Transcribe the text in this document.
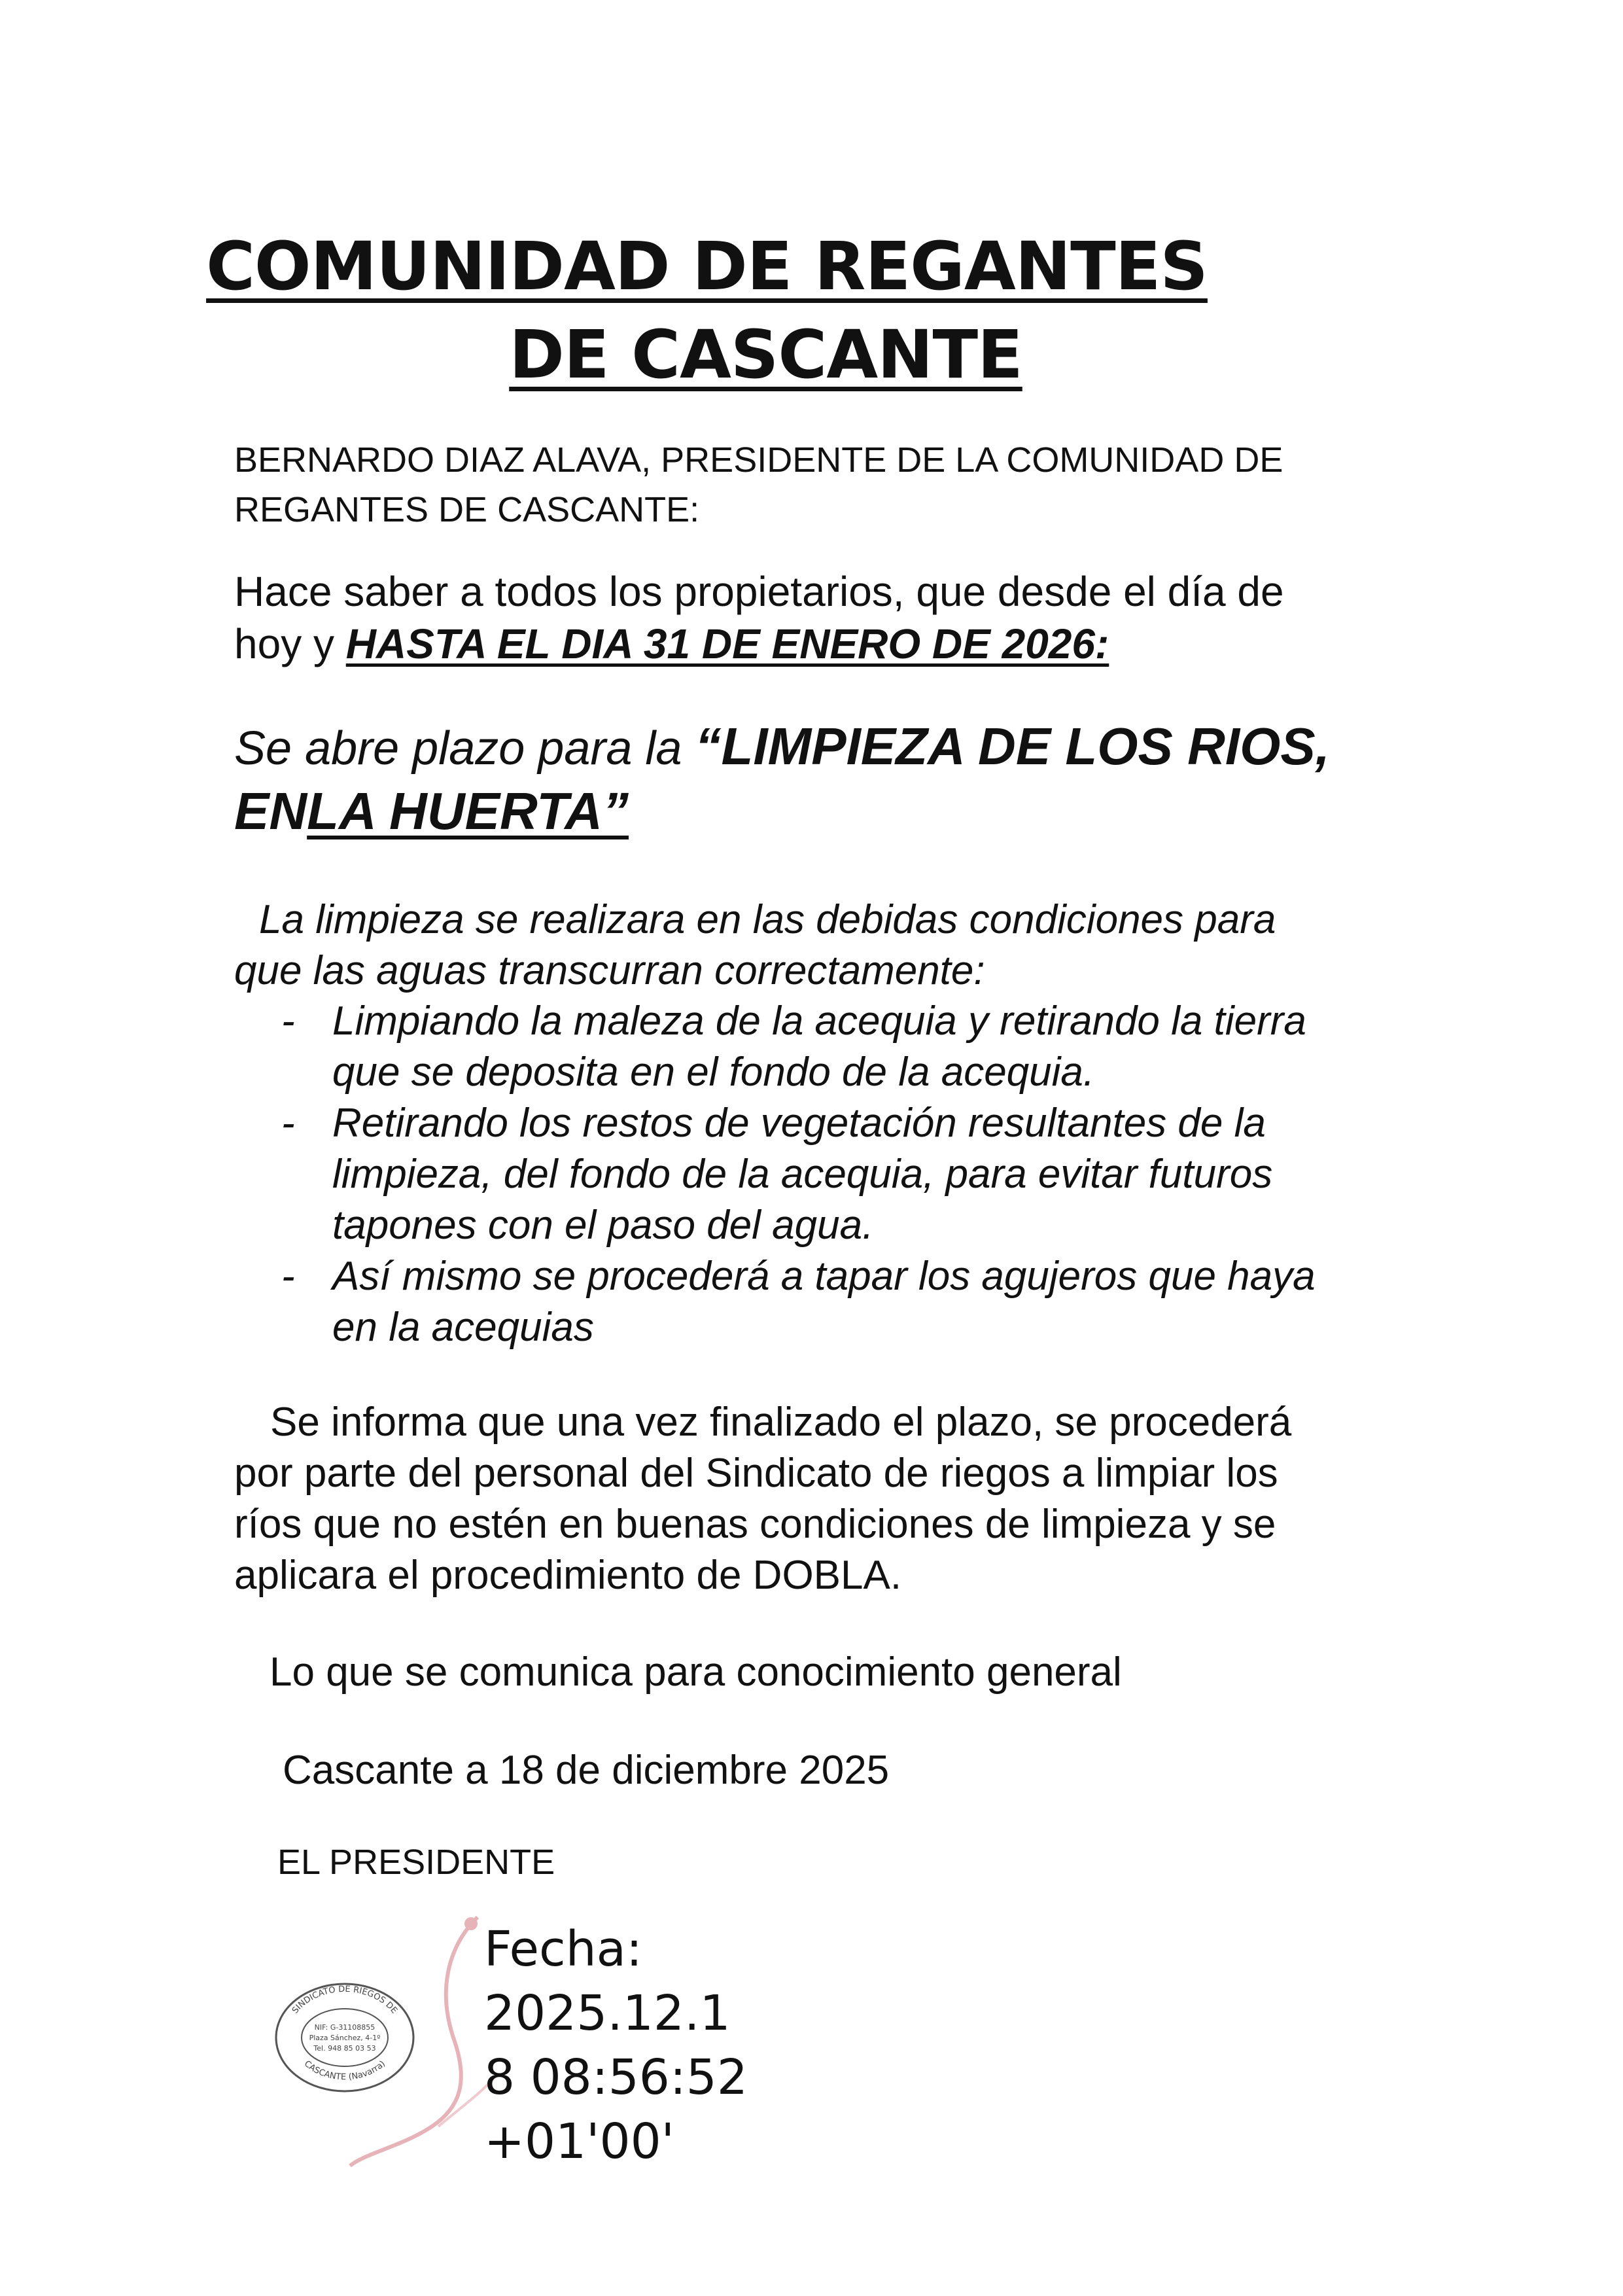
COMUNIDAD DE REGANTES
DE CASCANTE
BERNARDO DIAZ ALAVA, PRESIDENTE DE LA COMUNIDAD DE
REGANTES DE CASCANTE:
Hace saber a todos los propietarios, que desde el día de
hoy y HASTA EL DIA 31 DE ENERO DE 2026:
Se abre plazo para la “LIMPIEZA DE LOS RIOS,
ENLA HUERTA”
La limpieza se realizara en las debidas condiciones para
que las aguas transcurran correctamente:
- Limpiando la maleza de la acequia y retirando la tierra
que se deposita en el fondo de la acequia.
- Retirando los restos de vegetación resultantes de la
limpieza, del fondo de la acequia, para evitar futuros
tapones con el paso del agua.
- Así mismo se procederá a tapar los agujeros que haya
en la acequias
Se informa que una vez finalizado el plazo, se procederá
por parte del personal del Sindicato de riegos a limpiar los
ríos que no estén en buenas condiciones de limpieza y se
aplicara el procedimiento de DOBLA.
Lo que se comunica para conocimiento general
Cascante a 18 de diciembre 2025
EL PRESIDENTE
SINDICATO DE RIEGOS DE
CASCANTE (Navarra)
NIF: G-31108855
Plaza Sánchez, 4-1º
Tel. 948 85 03 53
Fecha:
2025.12.1
8 08:56:52
+01'00'
